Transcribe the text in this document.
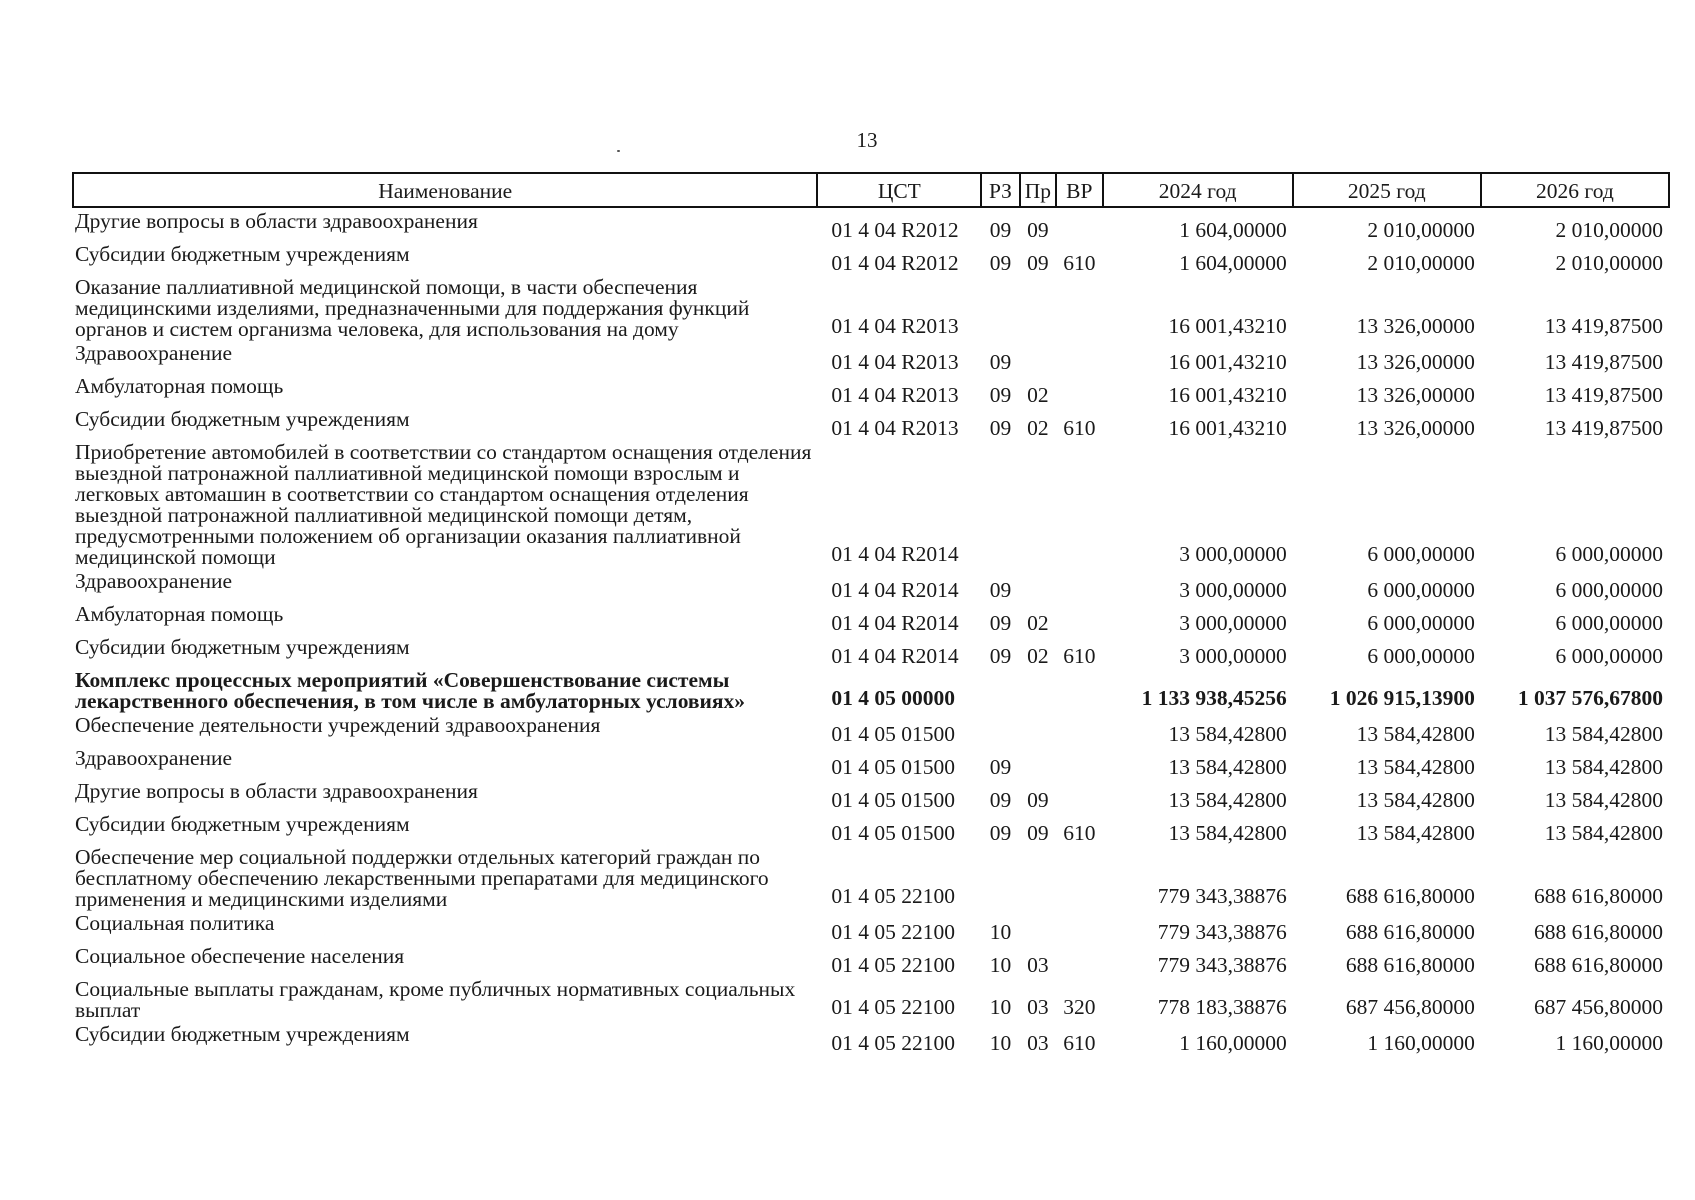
13
Наименование	ЦСТ	РЗ	Пр	ВР	2024 год	2025 год	2026 год
Другие вопросы в области здравоохранения	01 4 04 R2012	09	09		1 604,00000	2 010,00000	2 010,00000
Субсидии бюджетным учреждениям	01 4 04 R2012	09	09	610	1 604,00000	2 010,00000	2 010,00000
Оказание паллиативной медицинской помощи, в части обеспечения медицинскими изделиями, предназначенными для поддержания функций органов и систем организма человека, для использования на дому	01 4 04 R2013				16 001,43210	13 326,00000	13 419,87500
Здравоохранение	01 4 04 R2013	09			16 001,43210	13 326,00000	13 419,87500
Амбулаторная помощь	01 4 04 R2013	09	02		16 001,43210	13 326,00000	13 419,87500
Субсидии бюджетным учреждениям	01 4 04 R2013	09	02	610	16 001,43210	13 326,00000	13 419,87500
Приобретение автомобилей в соответствии со стандартом оснащения отделения выездной патронажной паллиативной медицинской помощи взрослым и легковых автомашин в соответствии со стандартом оснащения отделения выездной патронажной паллиативной медицинской помощи детям, предусмотренными положением об организации оказания паллиативной медицинской помощи	01 4 04 R2014				3 000,00000	6 000,00000	6 000,00000
Здравоохранение	01 4 04 R2014	09			3 000,00000	6 000,00000	6 000,00000
Амбулаторная помощь	01 4 04 R2014	09	02		3 000,00000	6 000,00000	6 000,00000
Субсидии бюджетным учреждениям	01 4 04 R2014	09	02	610	3 000,00000	6 000,00000	6 000,00000
Комплекс процессных мероприятий «Совершенствование системы лекарственного обеспечения, в том числе в амбулаторных условиях»	01 4 05 00000				1 133 938,45256	1 026 915,13900	1 037 576,67800
Обеспечение деятельности учреждений здравоохранения	01 4 05 01500				13 584,42800	13 584,42800	13 584,42800
Здравоохранение	01 4 05 01500	09			13 584,42800	13 584,42800	13 584,42800
Другие вопросы в области здравоохранения	01 4 05 01500	09	09		13 584,42800	13 584,42800	13 584,42800
Субсидии бюджетным учреждениям	01 4 05 01500	09	09	610	13 584,42800	13 584,42800	13 584,42800
Обеспечение мер социальной поддержки отдельных категорий граждан по бесплатному обеспечению лекарственными препаратами для медицинского применения и медицинскими изделиями	01 4 05 22100				779 343,38876	688 616,80000	688 616,80000
Социальная политика	01 4 05 22100	10			779 343,38876	688 616,80000	688 616,80000
Социальное обеспечение населения	01 4 05 22100	10	03		779 343,38876	688 616,80000	688 616,80000
Социальные выплаты гражданам, кроме публичных нормативных социальных выплат	01 4 05 22100	10	03	320	778 183,38876	687 456,80000	687 456,80000
Субсидии бюджетным учреждениям	01 4 05 22100	10	03	610	1 160,00000	1 160,00000	1 160,00000
